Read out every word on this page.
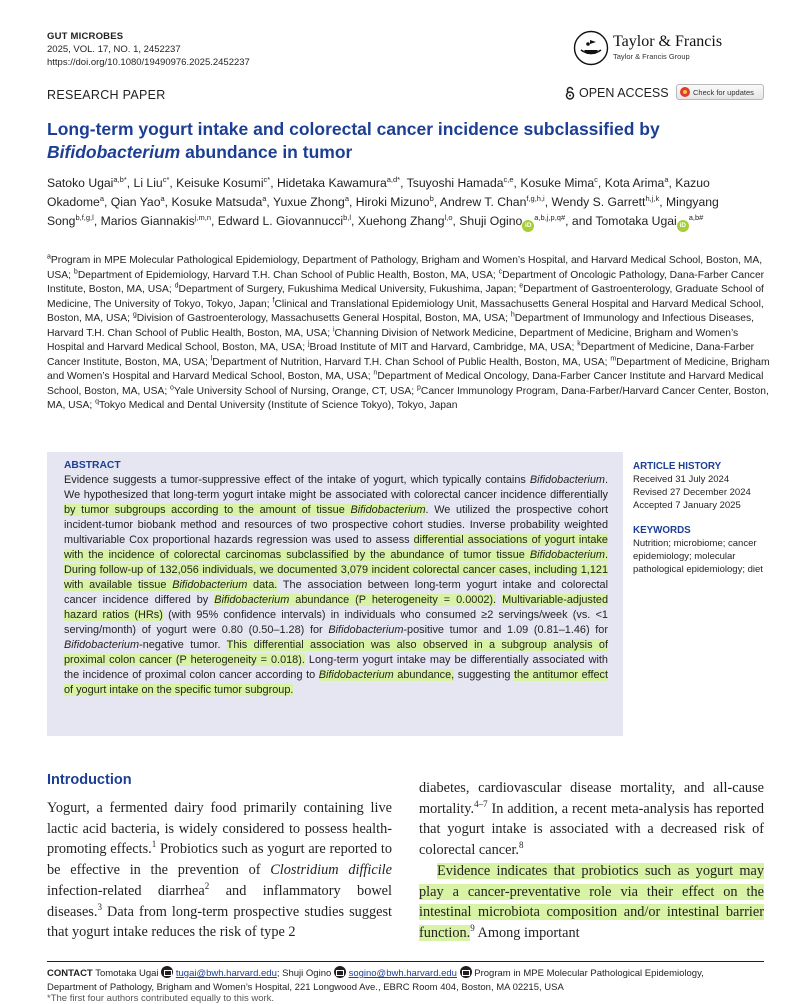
GUT MICROBES
2025, VOL. 17, NO. 1, 2452237
https://doi.org/10.1080/19490976.2025.2452237
Taylor & Francis
Taylor & Francis Group
RESEARCH PAPER	OPEN ACCESS	Check for updates
Long-term yogurt intake and colorectal cancer incidence subclassified by Bifidobacterium abundance in tumor
Satoko Ugai$^{a,b*}$, Li Liu$^{c*}$, Keisuke Kosumi$^{c*}$, Hidetaka Kawamura$^{a,d*}$, Tsuyoshi Hamada$^{c,e}$, Kosuke Mima$^c$, Kota Arima$^a$, Kazuo Okadome$^a$, Qian Yao$^a$, Kosuke Matsuda$^a$, Yuxue Zhong$^a$, Hiroki Mizuno$^b$, Andrew T. Chan$^{f,g,h,i}$, Wendy S. Garrett$^{h,j,k}$, Mingyang Song$^{b,f,g,l}$, Marios Giannakis$^{j,m,n}$, Edward L. Giovannucci$^{b,l}$, Xuehong Zhang$^{l,o}$, Shuji Ogino $iD^{a,b,j,p,q\#}$, and Tomotaka Ugai $iD^{a,b\#}$
$^a$Program in MPE Molecular Pathological Epidemiology, Department of Pathology, Brigham and Women’s Hospital, and Harvard Medical School, Boston, MA, USA; $^b$Department of Epidemiology, Harvard T.H. Chan School of Public Health, Boston, MA, USA; $^c$Department of Oncologic Pathology, Dana-Farber Cancer Institute, Boston, MA, USA; $^d$Department of Surgery, Fukushima Medical University, Fukushima, Japan; $^e$Department of Gastroenterology, Graduate School of Medicine, The University of Tokyo, Tokyo, Japan; $^f$Clinical and Translational Epidemiology Unit, Massachusetts General Hospital and Harvard Medical School, Boston, MA, USA; $^g$Division of Gastroenterology, Massachusetts General Hospital, Boston, MA, USA; $^h$Department of Immunology and Infectious Diseases, Harvard T.H. Chan School of Public Health, Boston, MA, USA; $^i$Channing Division of Network Medicine, Department of Medicine, Brigham and Women’s Hospital and Harvard Medical School, Boston, MA, USA; $^j$Broad Institute of MIT and Harvard, Cambridge, MA, USA; $^k$Department of Medicine, Dana-Farber Cancer Institute, Boston, MA, USA; $^l$Department of Nutrition, Harvard T.H. Chan School of Public Health, Boston, MA, USA; $^m$Department of Medicine, Brigham and Women’s Hospital and Harvard Medical School, Boston, MA, USA; $^n$Department of Medical Oncology, Dana-Farber Cancer Institute and Harvard Medical School, Boston, MA, USA; $^o$Yale University School of Nursing, Orange, CT, USA; $^p$Cancer Immunology Program, Dana-Farber/Harvard Cancer Center, Boston, MA, USA; $^q$Tokyo Medical and Dental University (Institute of Science Tokyo), Tokyo, Japan
ABSTRACT
Evidence suggests a tumor-suppressive effect of the intake of yogurt, which typically contains Bifidobacterium. We hypothesized that long-term yogurt intake might be associated with colorectal cancer incidence differentially by tumor subgroups according to the amount of tissue Bifidobacterium. We utilized the prospective cohort incident-tumor biobank method and resources of two prospective cohort studies. Inverse probability weighted multivariable Cox proportional hazards regression was used to assess differential associations of yogurt intake with the incidence of colorectal carcinomas subclassified by the abundance of tumor tissue Bifidobacterium. During follow-up of 132,056 individuals, we documented 3,079 incident colorectal cancer cases, including 1,121 with available tissue Bifidobacterium data. The association between long-term yogurt intake and colorectal cancer incidence differed by Bifidobacterium abundance (P heterogeneity = 0.0002). Multivariable-adjusted hazard ratios (HRs) (with 95% confidence intervals) in individuals who consumed ≥2 servings/week (vs. <1 serving/month) of yogurt were 0.80 (0.50–1.28) for Bifidobacterium-positive tumor and 1.09 (0.81–1.46) for Bifidobacterium-negative tumor. This differential association was also observed in a subgroup analysis of proximal colon cancer (P heterogeneity = 0.018). Long-term yogurt intake may be differentially associated with the incidence of proximal colon cancer according to Bifidobacterium abundance, suggesting the antitumor effect of yogurt intake on the specific tumor subgroup.
ARTICLE HISTORY
Received 31 July 2024
Revised 27 December 2024
Accepted 7 January 2025
KEYWORDS
Nutrition; microbiome; cancer epidemiology; molecular pathological epidemiology; diet
Introduction
Yogurt, a fermented dairy food primarily containing live lactic acid bacteria, is widely considered to possess health-promoting effects.$^1$ Probiotics such as yogurt are reported to be effective in the prevention of Clostridium difficile infection-related diarrhea$^2$ and inflammatory bowel diseases.$^3$ Data from long-term prospective studies suggest that yogurt intake reduces the risk of type 2
diabetes, cardiovascular disease mortality, and all-cause mortality.$^{4-7}$ In addition, a recent meta-analysis has reported that yogurt intake is associated with a decreased risk of colorectal cancer.$^8$
Evidence indicates that probiotics such as yogurt may play a cancer-preventative role via their effect on the intestinal microbiota composition and/or intestinal barrier function.$^9$ Among important
CONTACT Tomotaka Ugai tugai@bwh.harvard.edu; Shuji Ogino sogino@bwh.harvard.edu Program in MPE Molecular Pathological Epidemiology,
Department of Pathology, Brigham and Women’s Hospital, 221 Longwood Ave., EBRC Room 404, Boston, MA 02215, USA
*The first four authors contributed equally to this work.
